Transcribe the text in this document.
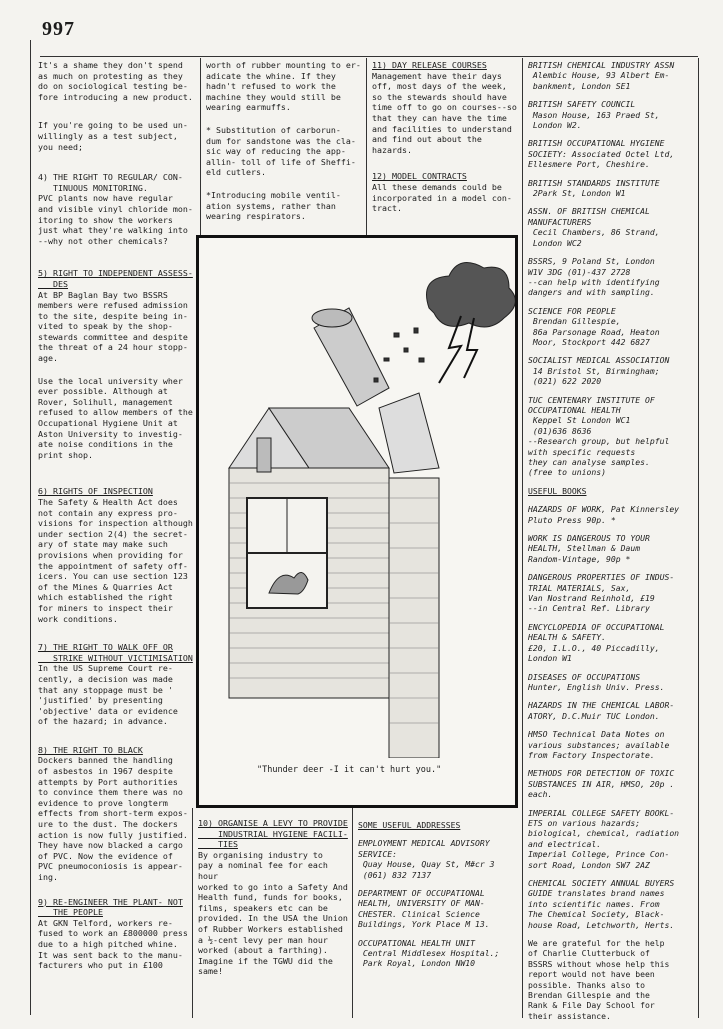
997

It's a shame they don't spend
as much on protesting as they
do on sociological testing be-
fore introducing a new product.

If you're going to be used un-
willingly as a test subject,
you need;

4) THE RIGHT TO REGULAR/ CON-
TINUOUS MONITORING.

PVC plants now have regular
and visible vinyl chloride mon-
itoring to show the workers
just what they're walking into
--why not other chemicals?

5) RIGHT TO INDEPENDENT ASSESS-
DES

At BP Baglan Bay two BSSRS
members were refused admission
to the site, despite being in-
vited to speak by the shop-
stewards committee and despite
the threat of a 24 hour stopp-
age.

Use the local university wher
ever possible. Although at
Rover, Solihull, management
refused to allow members of the
Occupational Hygiene Unit at
Aston University to investig-
ate noise conditions in the
print shop.

6) RIGHTS OF INSPECTION

The Safety & Health Act does
not contain any express pro-
visions for inspection although
under section 2(4) the secret-
ary of state may make such
provisions when providing for
the appointment of safety off-
icers. You can use section 123
of the Mines & Quarries Act
which established the right
for miners to inspect their
work conditions.

7) THE RIGHT TO WALK OFF OR
STRIKE WITHOUT VICTIMISATION

In the US Supreme Court re-
cently, a decision was made
that any stoppage must be '
'justified' by presenting
'objective' data or evidence
of the hazard; in advance.

8) THE RIGHT TO BLACK

Dockers banned the handling
of asbestos in 1967 despite
attempts by Port authorities
to convince them there was no
evidence to prove longterm
effects from short-term expos-
ure to the dust. The dockers
action is now fully justified.
They have now blacked a cargo
of PVC. Now the evidence of
PVC pneumoconiosis is appear-
ing.

9) RE-ENGINEER THE PLANT- NOT
THE PEOPLE

At GKN Telford, workers re-
fused to work an £800000 press
due to a high pitched whine.
It was sent back to the manu-
facturers who put in £100

worth of rubber mounting to er-
adicate the whine. If they
hadn't refused to work the
machine they would still be
wearing earmuffs.

* Substitution of carborun-
dum for sandstone was the cla-
sic way of reducing the app-
allin- toll of life of Sheffi-
eld cutlers.

*Introducing mobile ventil-
ation systems, rather than
wearing respirators.

11) DAY RELEASE COURSES

Management have their days
off, most days of the week,
so the stewards should have
time off to go on courses--so
that they can have the time
and facilities to understand
and find out about the hazards.

12) MODEL CONTRACTS

All these demands could be
incorporated in a model con-
tract.

"Thunder deer -I it can't hurt you."

10) ORGANISE A LEVY TO PROVIDE
INDUSTRIAL HYGIENE FACILI-
TIES

By organising industry to
pay a nominal fee for each hour
worked to go into a Safety And
Health fund, funds for books,
films, speakers etc can be
provided. In the USA the Union
of Rubber Workers established
a ½-cent levy per man hour
worked (about a farthing).
Imagine if the TGWU did the
same!

SOME USEFUL ADDRESSES

EMPLOYMENT MEDICAL ADVISORY
SERVICE:
Quay House, Quay St, M#cr 3
(061) 832 7137

DEPARTMENT OF OCCUPATIONAL
HEALTH, UNIVERSITY OF MAN-
CHESTER. Clinical Science
Buildings, York Place M 13.

OCCUPATIONAL HEALTH UNIT
Central Middlesex Hospital.;
Park Royal, London NW10

BRITISH CHEMICAL INDUSTRY ASSN
Alembic House, 93 Albert Em-
bankment, London SE1

BRITISH SAFETY COUNCIL
Mason House, 163 Praed St,
London W2.

BRITISH OCCUPATIONAL HYGIENE
SOCIETY: Associated Octel Ltd,
Ellesmere Port, Cheshire.

BRITISH STANDARDS INSTITUTE
2Park St, London W1

ASSN. OF BRITISH CHEMICAL
MANUFACTURERS
Cecil Chambers, 86 Strand,
London WC2

BSSRS, 9 Poland St, London
W1V 3DG (01)-437 2728
--can help with identifying
dangers and with sampling.

SCIENCE FOR PEOPLE
Brendan Gillespie,
86a Parsonage Road, Heaton
Moor, Stockport 442 6827

SOCIALIST MEDICAL ASSOCIATION
14 Bristol St, Birmingham;
(021) 622 2020

TUC CENTENARY INSTITUTE OF
OCCUPATIONAL HEALTH
Keppel St London WC1
(01)636 8636
--Research group, but helpful
with specific requests
they can analyse samples.
(free to unions)

USEFUL BOOKS

HAZARDS OF WORK, Pat Kinnersley
Pluto Press 90p. *

WORK IS DANGEROUS TO YOUR
HEALTH, Stellman & Daum
Random-Vintage, 90p *

DANGEROUS PROPERTIES OF INDUS-
TRIAL MATERIALS, Sax,
Van Nostrand Reinhold, £19
--in Central Ref. Library

ENCYCLOPEDIA OF OCCUPATIONAL
HEALTH & SAFETY.
£20, I.L.O., 40 Piccadilly,
London W1

DISEASES OF OCCUPATIONS
Hunter, English Univ. Press.

HAZARDS IN THE CHEMICAL LABOR-
ATORY, D.C.Muir TUC London.

HMSO Technical Data Notes on
various substances; available
from Factory Inspectorate.

METHODS FOR DETECTION OF TOXIC
SUBSTANCES IN AIR, HMSO, 20p .
each.

IMPERIAL COLLEGE SAFETY BOOKL-
ETS on various hazards;
biological, chemical, radiation
and electrical.
Imperial College, Prince Con-
sort Road, London SW7 2AZ

CHEMICAL SOCIETY ANNUAL BUYERS
GUIDE translates brand names
into scientific names. From
The Chemical Society, Black-
house Road, Letchworth, Herts.

We are grateful for the help
of Charlie Clutterbuck of
BSSRS without whose help this
report would not have been
possible. Thanks also to
Brendan Gillespie and the
Rank & File Day School for
their assistance.
